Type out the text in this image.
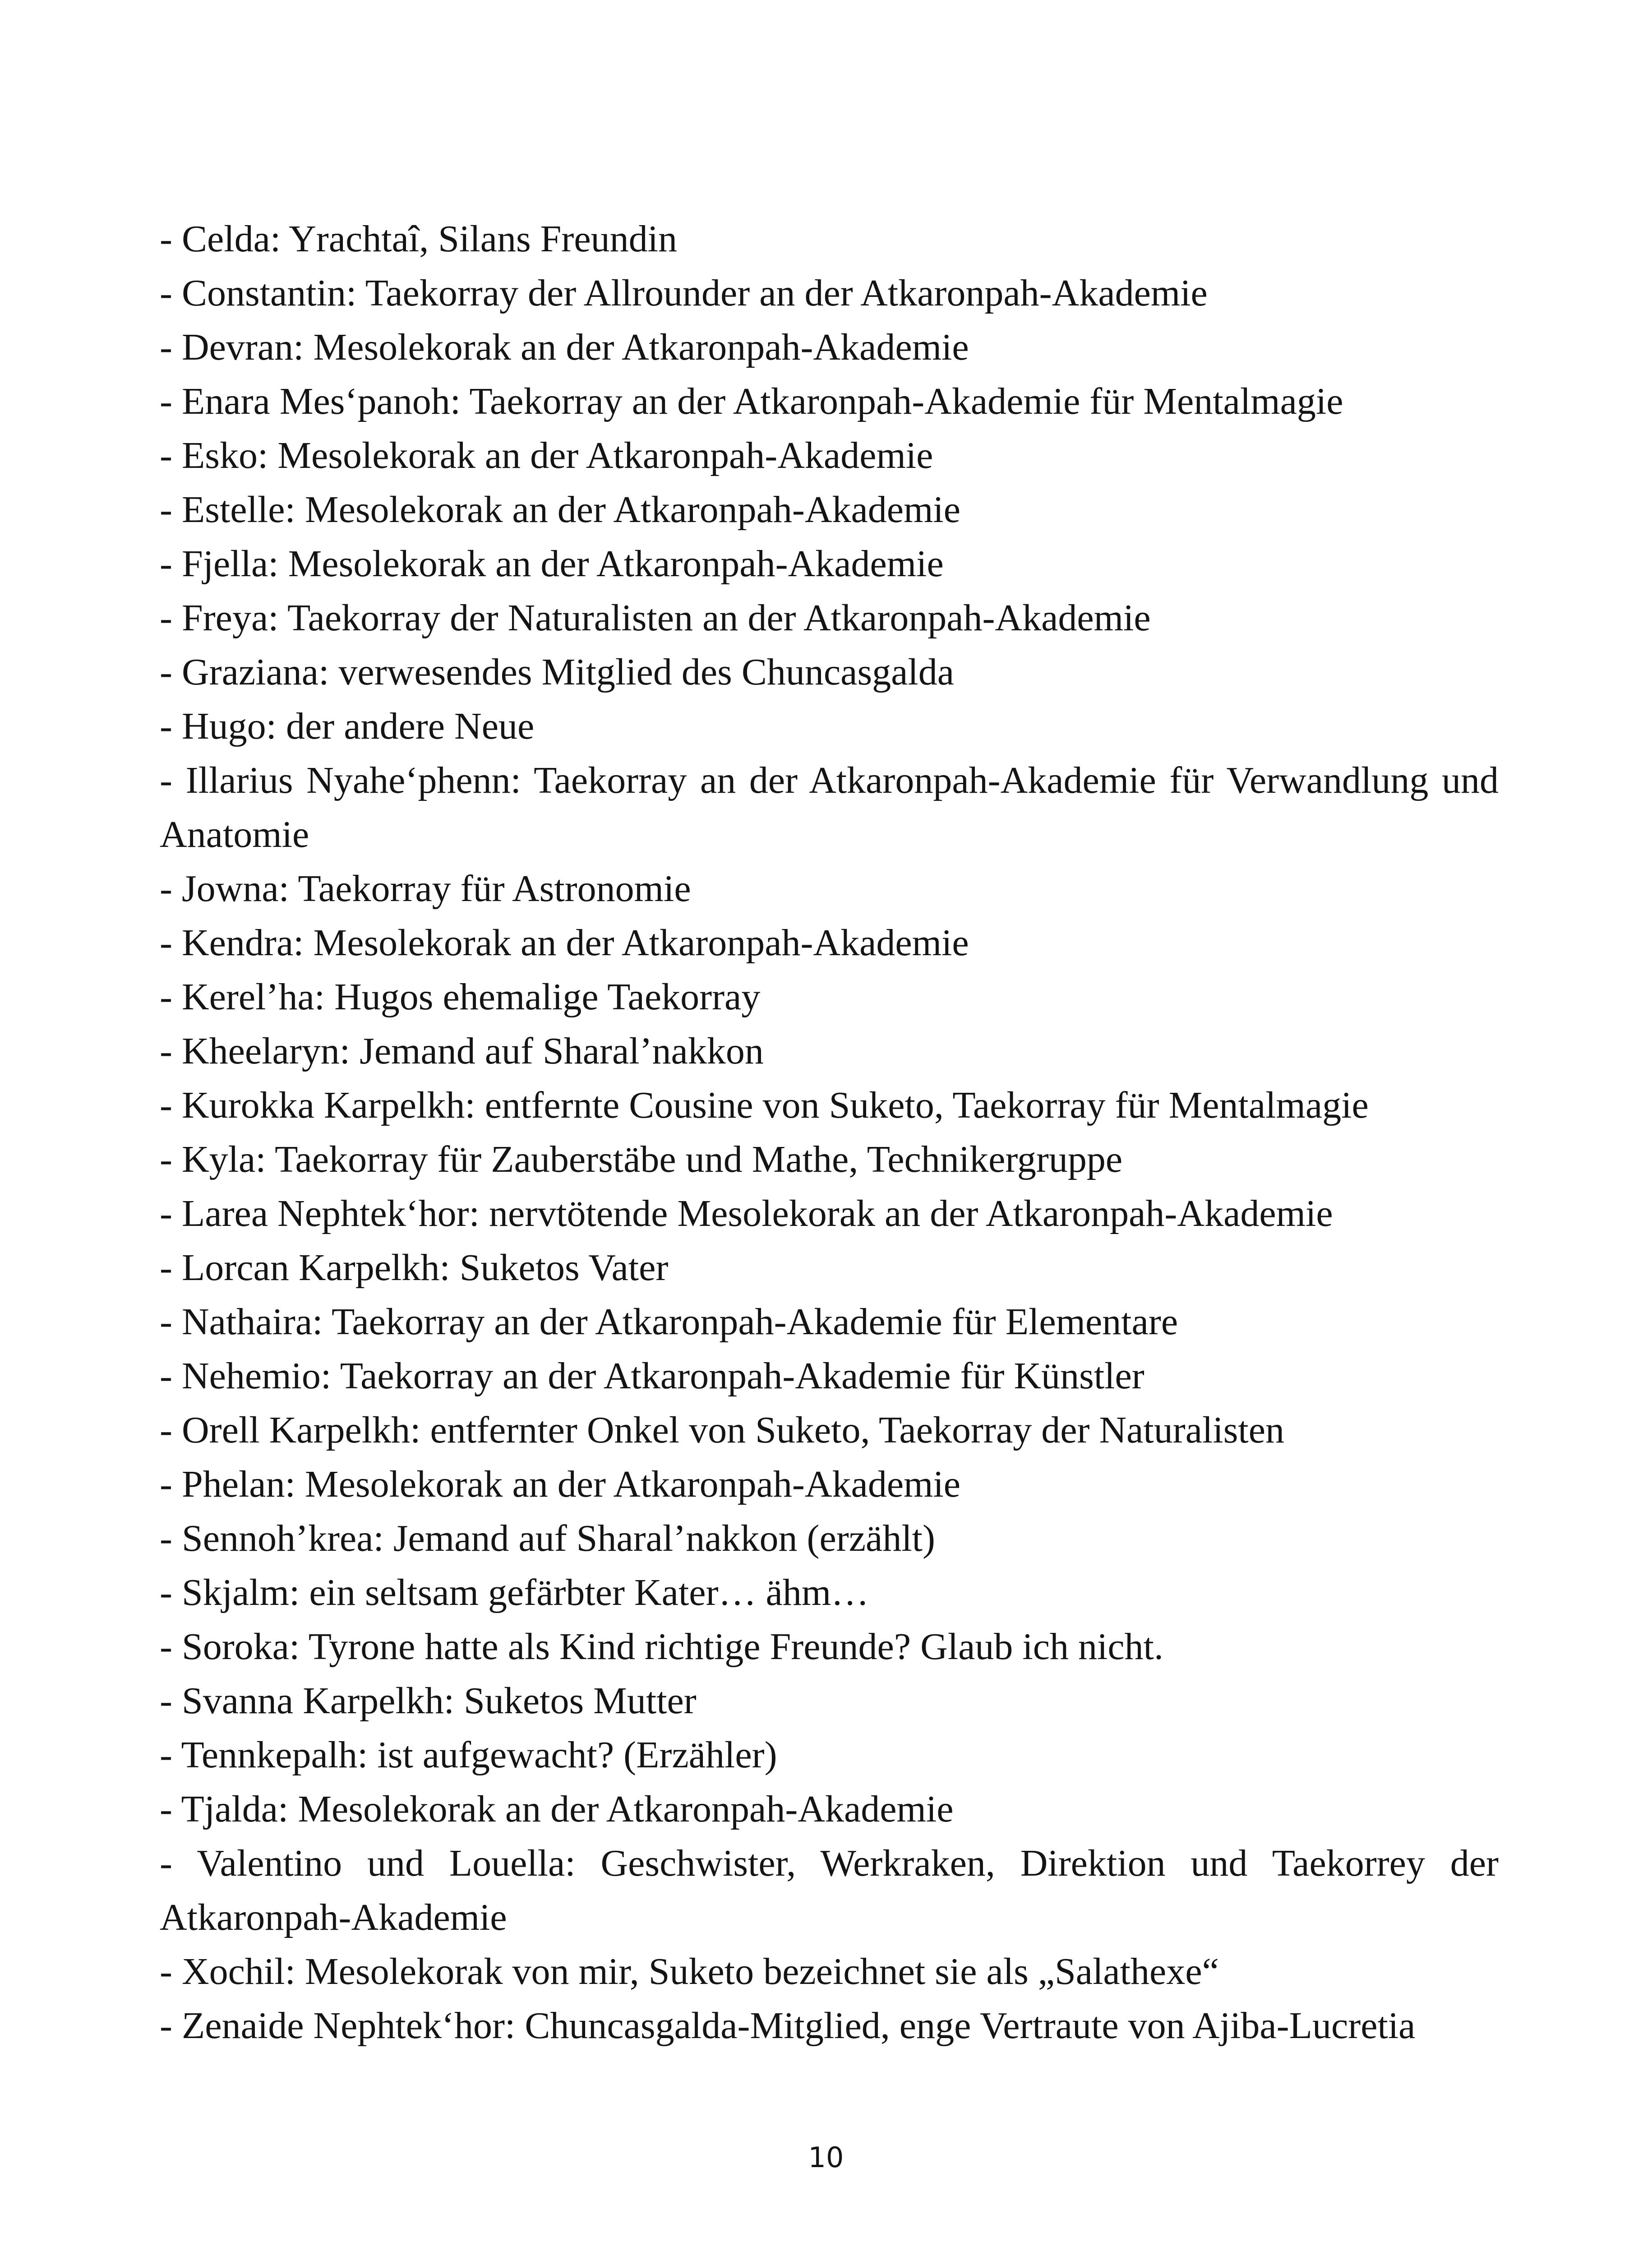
- Celda: Yrachtaî, Silans Freundin
- Constantin: Taekorray der Allrounder an der Atkaronpah-Akademie
- Devran: Mesolekorak an der Atkaronpah-Akademie
- Enara Mes‘panoh: Taekorray an der Atkaronpah-Akademie für Mentalmagie
- Esko: Mesolekorak an der Atkaronpah-Akademie
- Estelle: Mesolekorak an der Atkaronpah-Akademie
- Fjella: Mesolekorak an der Atkaronpah-Akademie
- Freya: Taekorray der Naturalisten an der Atkaronpah-Akademie
- Graziana: verwesendes Mitglied des Chuncasgalda
- Hugo: der andere Neue
- Illarius Nyahe‘phenn: Taekorray an der Atkaronpah-Akademie für Verwandlung und Anatomie
- Jowna: Taekorray für Astronomie
- Kendra: Mesolekorak an der Atkaronpah-Akademie
- Kerel’ha: Hugos ehemalige Taekorray
- Kheelaryn: Jemand auf Sharal’nakkon
- Kurokka Karpelkh: entfernte Cousine von Suketo, Taekorray für Mentalmagie
- Kyla: Taekorray für Zauberstäbe und Mathe, Technikergruppe
- Larea Nephtek‘hor: nervtötende Mesolekorak an der Atkaronpah-Akademie
- Lorcan Karpelkh: Suketos Vater
- Nathaira: Taekorray an der Atkaronpah-Akademie für Elementare
- Nehemio: Taekorray an der Atkaronpah-Akademie für Künstler
- Orell Karpelkh: entfernter Onkel von Suketo, Taekorray der Naturalisten
- Phelan: Mesolekorak an der Atkaronpah-Akademie
- Sennoh’krea: Jemand auf Sharal’nakkon (erzählt)
- Skjalm: ein seltsam gefärbter Kater… ähm…
- Soroka: Tyrone hatte als Kind richtige Freunde? Glaub ich nicht.
- Svanna Karpelkh: Suketos Mutter
- Tennkepalh: ist aufgewacht? (Erzähler)
- Tjalda: Mesolekorak an der Atkaronpah-Akademie
- Valentino und Louella: Geschwister, Werkraken, Direktion und Taekorrey der Atkaronpah-Akademie
- Xochil: Mesolekorak von mir, Suketo bezeichnet sie als „Salathexe“
- Zenaide Nephtek‘hor: Chuncasgalda-Mitglied, enge Vertraute von Ajiba-Lucretia
10
